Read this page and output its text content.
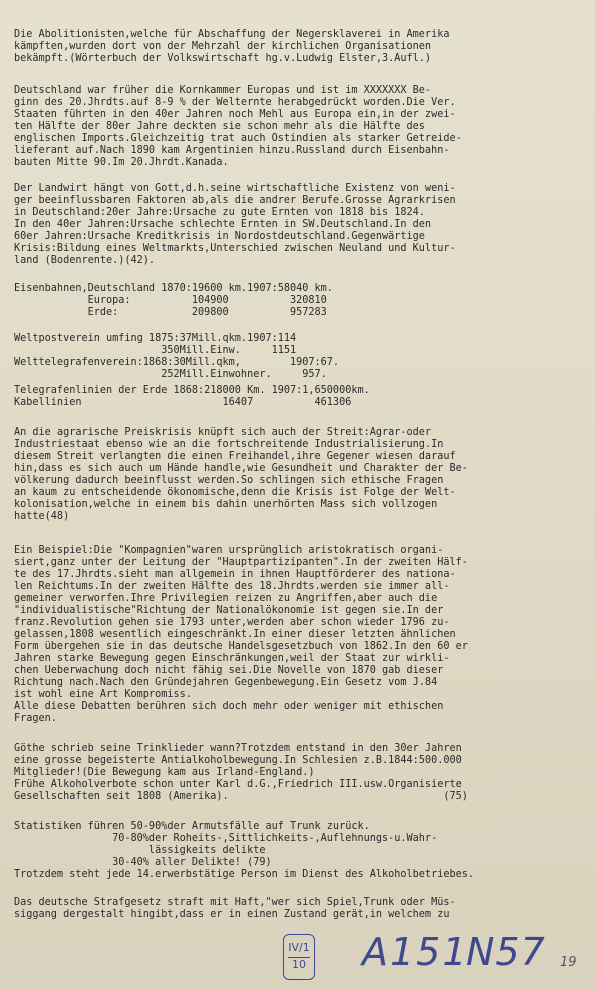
Die Abolitionisten,welche für Abschaffung der Negersklaverei in Amerika
kämpften,wurden dort von der Mehrzahl der kirchlichen Organisationen
bekämpft.(Wörterbuch der Volkswirtschaft hg.v.Ludwig Elster,3.Aufl.)
Deutschland war früher die Kornkammer Europas und ist im XXXXXXX Be-
ginn des 20.Jhrdts.auf 8-9 % der Welternte herabgedrückt worden.Die Ver.
Staaten führten in den 40er Jahren noch Mehl aus Europa ein,in der zwei-
ten Hälfte der 80er Jahre deckten sie schon mehr als die Hälfte des
englischen Imports.Gleichzeitig trat auch Ostindien als starker Getreide-
lieferant auf.Nach 1890 kam Argentinien hinzu.Russland durch Eisenbahn-
bauten Mitte 90.Im 20.Jhrdt.Kanada.
Der Landwirt hängt von Gott,d.h.seine wirtschaftliche Existenz von weni-
ger beeinflussbaren Faktoren ab,als die andrer Berufe.Grosse Agrarkrisen
in Deutschland:20er Jahre:Ursache zu gute Ernten von 1818 bis 1824.
In den 40er Jahren:Ursache schlechte Ernten in SW.Deutschland.In den
60er Jahren:Ursache Kreditkrisis in Nordostdeutschland.Gegenwärtige
Krisis:Bildung eines Weltmarkts,Unterschied zwischen Neuland und Kultur-
land (Bodenrente.)(42).
Eisenbahnen,Deutschland 1870:19600 km.1907:58040 km.
Europa:          104900          320810
Erde:            209800          957283
Weltpostverein umfing 1875:37Mill.qkm.1907:114
350Mill.Einw.     1151
Welttelegrafenverein:1868:30Mill.qkm,        1907:67.
252Mill.Einwohner.     957.
Telegrafenlinien der Erde 1868:218000 Km. 1907:1,650000km.
Kabellinien                       16407          461306
An die agrarische Preiskrisis knüpft sich auch der Streit:Agrar-oder
Industriestaat ebenso wie an die fortschreitende Industrialisierung.In
diesem Streit verlangten die einen Freihandel,ihre Gegener wiesen darauf
hin,dass es sich auch um Hände handle,wie Gesundheit und Charakter der Be-
völkerung dadurch beeinflusst werden.So schlingen sich ethische Fragen
an kaum zu entscheidende ökonomische,denn die Krisis ist Folge der Welt-
kolonisation,welche in einem bis dahin unerhörten Mass sich vollzogen
hatte(48)
Ein Beispiel:Die "Kompagnien"waren ursprünglich aristokratisch organi-
siert,ganz unter der Leitung der "Hauptpartizipanten".In der zweiten Hälf-
te des 17.Jhrdts.sieht man allgemein in ihnen Hauptförderer des nationa-
len Reichtums.In der zweiten Hälfte des 18.Jhrdts.werden sie immer all-
gemeiner verworfen.Ihre Privilegien reizen zu Angriffen,aber auch die
"individualistische"Richtung der Nationalökonomie ist gegen sie.In der
franz.Revolution gehen sie 1793 unter,werden aber schon wieder 1796 zu-
gelassen,1808 wesentlich eingeschränkt.In einer dieser letzten ähnlichen
Form übergehen sie in das deutsche Handelsgesetzbuch von 1862.In den 60 er
Jahren starke Bewegung gegen Einschränkungen,weil der Staat zur wirkli-
chen Ueberwachung doch nicht fähig sei.Die Novelle von 1870 gab dieser
Richtung nach.Nach den Gründejahren Gegenbewegung.Ein Gesetz vom J.84
ist wohl eine Art Kompromiss.
Alle diese Debatten berühren sich doch mehr oder weniger mit ethischen
Fragen.
Göthe schrieb seine Trinklieder wann?Trotzdem entstand in den 30er Jahren
eine grosse begeisterte Antialkoholbewegung.In Schlesien z.B.1844:500.000
Mitglieder!(Die Bewegung kam aus Irland-England.)
Frühe Alkoholverbote schon unter Karl d.G.,Friedrich III.usw.Organisierte
Gesellschaften seit 1808 (Amerika).                                   (75)
Statistiken führen 50-90%der Armutsfälle auf Trunk zurück.
70-80%der Roheits-,Sittlichkeits-,Auflehnungs-u.Wahr-
lässigkeits delikte
30-40% aller Delikte! (79)
Trotzdem steht jede 14.erwerbstätige Person im Dienst des Alkoholbetriebes.
Das deutsche Strafgesetz straft mit Haft,"wer sich Spiel,Trunk oder Müs-
siggang dergestalt hingibt,dass er in einen Zustand gerät,in welchem zu
IV/1
10 A151
N57 19
